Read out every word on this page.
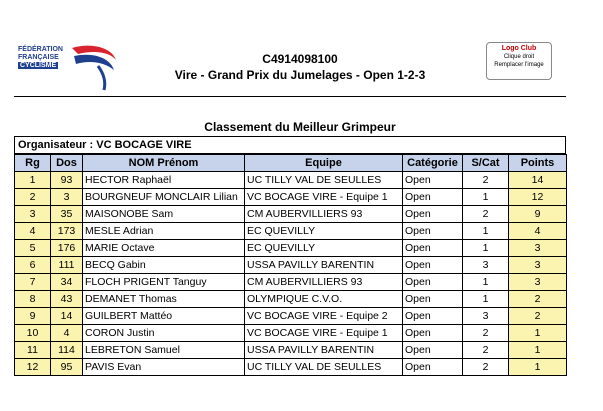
FÉDÉRATION
FRANÇAISE
CYCLISME	C4914098100
Vire - Grand Prix du Jumelages - Open 1-2-3
Logo Club
Clique droit
Remplacer l'image
Classement du Meilleur Grimpeur
Organisateur : VC BOCAGE VIRE
Rg	Dos	NOM Prénom	Equipe	Catégorie	S/Cat	Points
1	93	HECTOR Raphaël	UC TILLY VAL DE SEULLES	Open	2	14
2	3	BOURGNEUF MONCLAIR Lilian	VC BOCAGE VIRE - Equipe 1	Open	1	12
3	35	MAISONOBE Sam	CM AUBERVILLIERS 93	Open	2	9
4	173	MESLE Adrian	EC QUEVILLY	Open	1	4
5	176	MARIE Octave	EC QUEVILLY	Open	1	3
6	111	BECQ Gabin	USSA PAVILLY BARENTIN	Open	3	3
7	34	FLOCH PRIGENT Tanguy	CM AUBERVILLIERS 93	Open	1	3
8	43	DEMANET Thomas	OLYMPIQUE C.V.O.	Open	1	2
9	14	GUILBERT Mattéo	VC BOCAGE VIRE - Equipe 2	Open	3	2
10	4	CORON Justin	VC BOCAGE VIRE - Equipe 1	Open	2	1
11	114	LEBRETON Samuel	USSA PAVILLY BARENTIN	Open	2	1
12	95	PAVIS Evan	UC TILLY VAL DE SEULLES	Open	2	1
